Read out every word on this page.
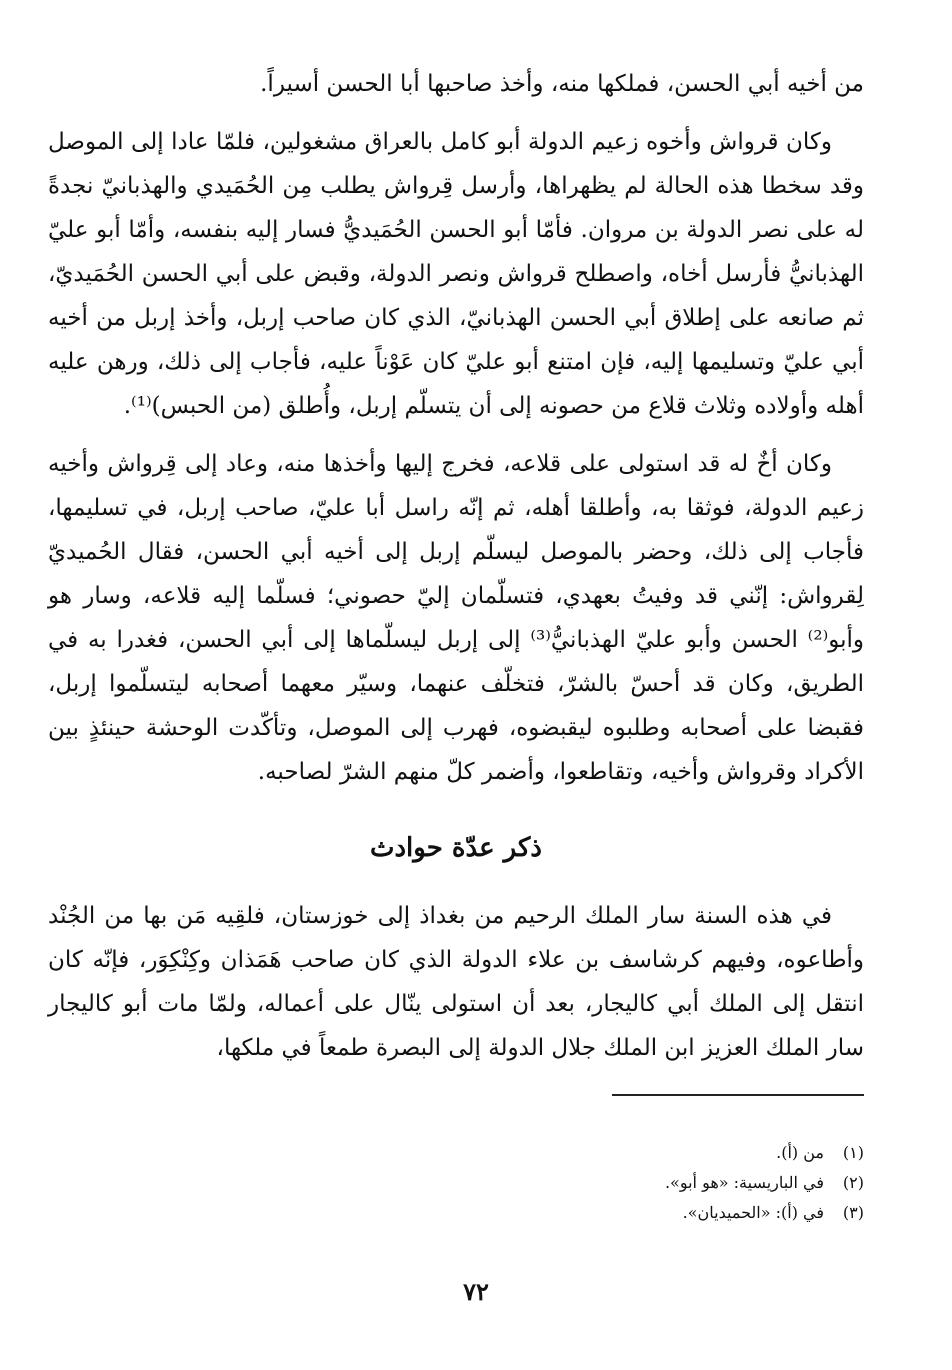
من أخيه أبي الحسن، فملكها منه، وأخذ صاحبها أبا الحسن أسيراً.

وكان قرواش وأخوه زعيم الدولة أبو كامل بالعراق مشغولين، فلمّا عادا إلى الموصل وقد سخطا هذه الحالة لم يظهراها، وأرسل قِرواش يطلب مِن الحُمَيدي والهذبانيّ نجدةً له على نصر الدولة بن مروان. فأمّا أبو الحسن الحُمَيديُّ فسار إليه بنفسه، وأمّا أبو عليّ الهذبانيُّ فأرسل أخاه، واصطلح قرواش ونصر الدولة، وقبض على أبي الحسن الحُمَيديّ، ثم صانعه على إطلاق أبي الحسن الهذبانيّ، الذي كان صاحب إربل، وأخذ إربل من أخيه أبي عليّ وتسليمها إليه، فإن امتنع أبو عليّ كان عَوْناً عليه، فأجاب إلى ذلك، ورهن عليه أهله وأولاده وثلاث قلاع من حصونه إلى أن يتسلّم إربل، وأُطلق (من الحبس)⁽¹⁾.

وكان أخٌ له قد استولى على قلاعه، فخرج إليها وأخذها منه، وعاد إلى قِرواش وأخيه زعيم الدولة، فوثقا به، وأطلقا أهله، ثم إنّه راسل أبا عليّ، صاحب إربل، في تسليمها، فأجاب إلى ذلك، وحضر بالموصل ليسلّم إربل إلى أخيه أبي الحسن، فقال الحُميديّ لِقرواش: إنّني قد وفيتُ بعهدي، فتسلّمان إليّ حصوني؛ فسلّما إليه قلاعه، وسار هو وأبو⁽²⁾ الحسن وأبو عليّ الهذبانيُّ⁽³⁾ إلى إربل ليسلّماها إلى أبي الحسن، فغدرا به في الطريق، وكان قد أحسّ بالشرّ، فتخلّف عنهما، وسيّر معهما أصحابه ليتسلّموا إربل، فقبضا على أصحابه وطلبوه ليقبضوه، فهرب إلى الموصل، وتأكّدت الوحشة حينئذٍ بين الأكراد وقرواش وأخيه، وتقاطعوا، وأضمر كلّ منهم الشرّ لصاحبه.

ذكر عدّة حوادث

في هذه السنة سار الملك الرحيم من بغداذ إلى خوزستان، فلقِيه مَن بها من الجُنْد وأطاعوه، وفيهم كرشاسف بن علاء الدولة الذي كان صاحب هَمَذان وكِنْكِوَر، فإنّه كان انتقل إلى الملك أبي كاليجار، بعد أن استولى ينّال على أعماله، ولمّا مات أبو كاليجار سار الملك العزيز ابن الملك جلال الدولة إلى البصرة طمعاً في ملكها،

(١)
من (أ).
(٢)
في الباريسية: «هو أبو».
(٣)
في (أ): «الحميديان».
٧٢
